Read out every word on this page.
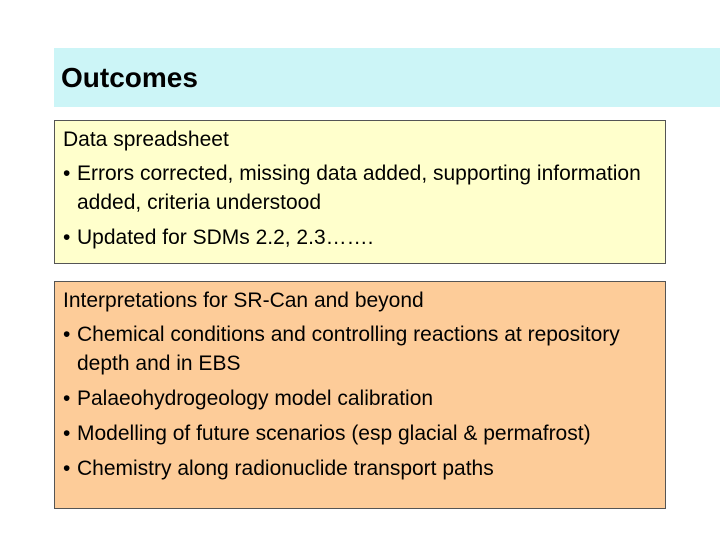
Outcomes
Data spreadsheet
• Errors corrected, missing data added, supporting information added, criteria understood
• Updated for SDMs 2.2, 2.3…….
Interpretations for SR-Can and beyond
• Chemical conditions and controlling reactions at repository depth and in EBS
• Palaeohydrogeology model calibration
• Modelling of future scenarios (esp glacial & permafrost)
• Chemistry along radionuclide transport paths
